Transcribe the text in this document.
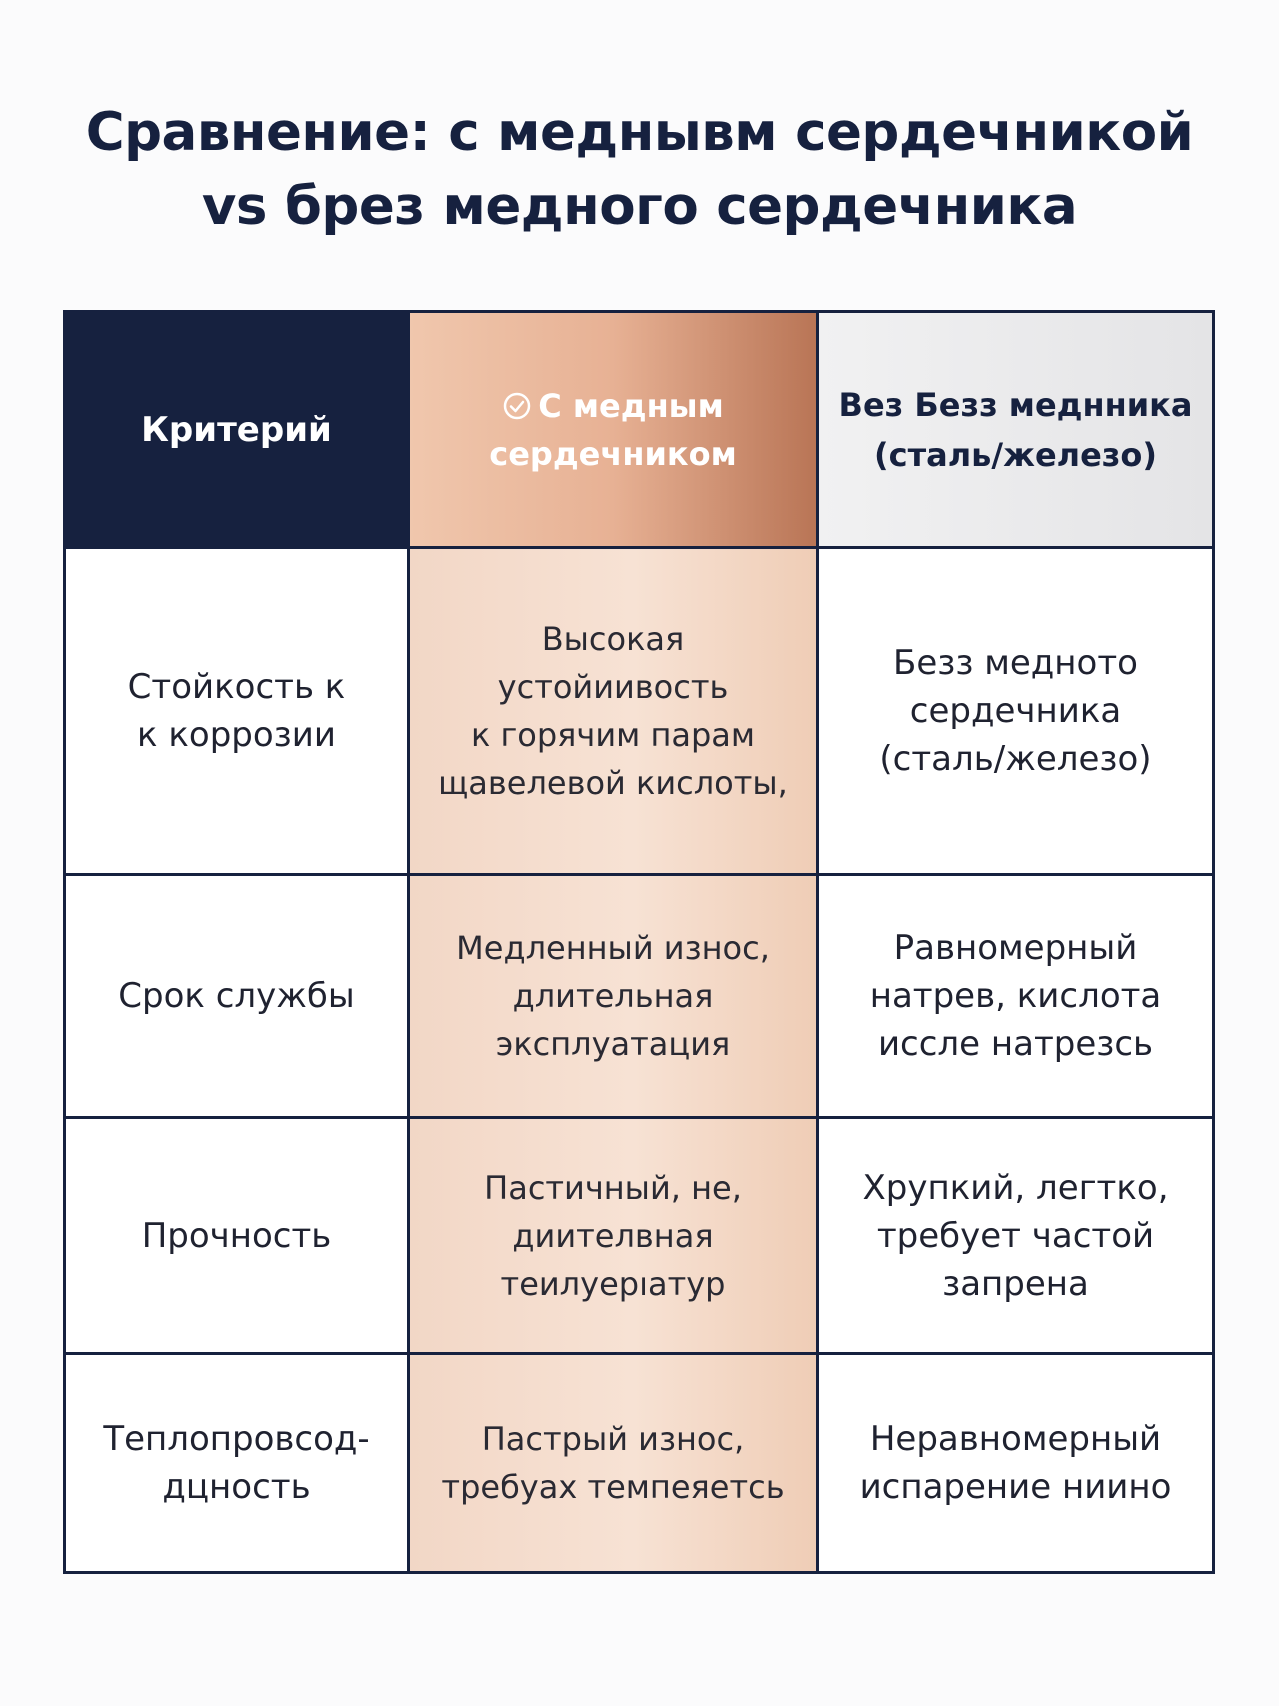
Сравнение: с меднывм сердечникой
vs брез медного сердечника
Критерий
С медным
сердечником
Вез Безз меднника
(сталь/железо)
Стойкость к
к коррозии
Высокая устойиивость
к горячим парам
щавелевой кислоты,
Безз медното
сердечника
(сталь/железо)
Срок службы
Медленный износ,
длительная
эксплуатация
Равномерный
натрев, кислота
иссле натрезсь
Прочность
Пастичный, не,
диителвная
теилуерıатур
Хрупкий, легтко,
требует частой
запрена
Теплопровсод-
дцность
Пастрый износ,
требуах темпеяетсь
Неравномерный
испарение ниино
